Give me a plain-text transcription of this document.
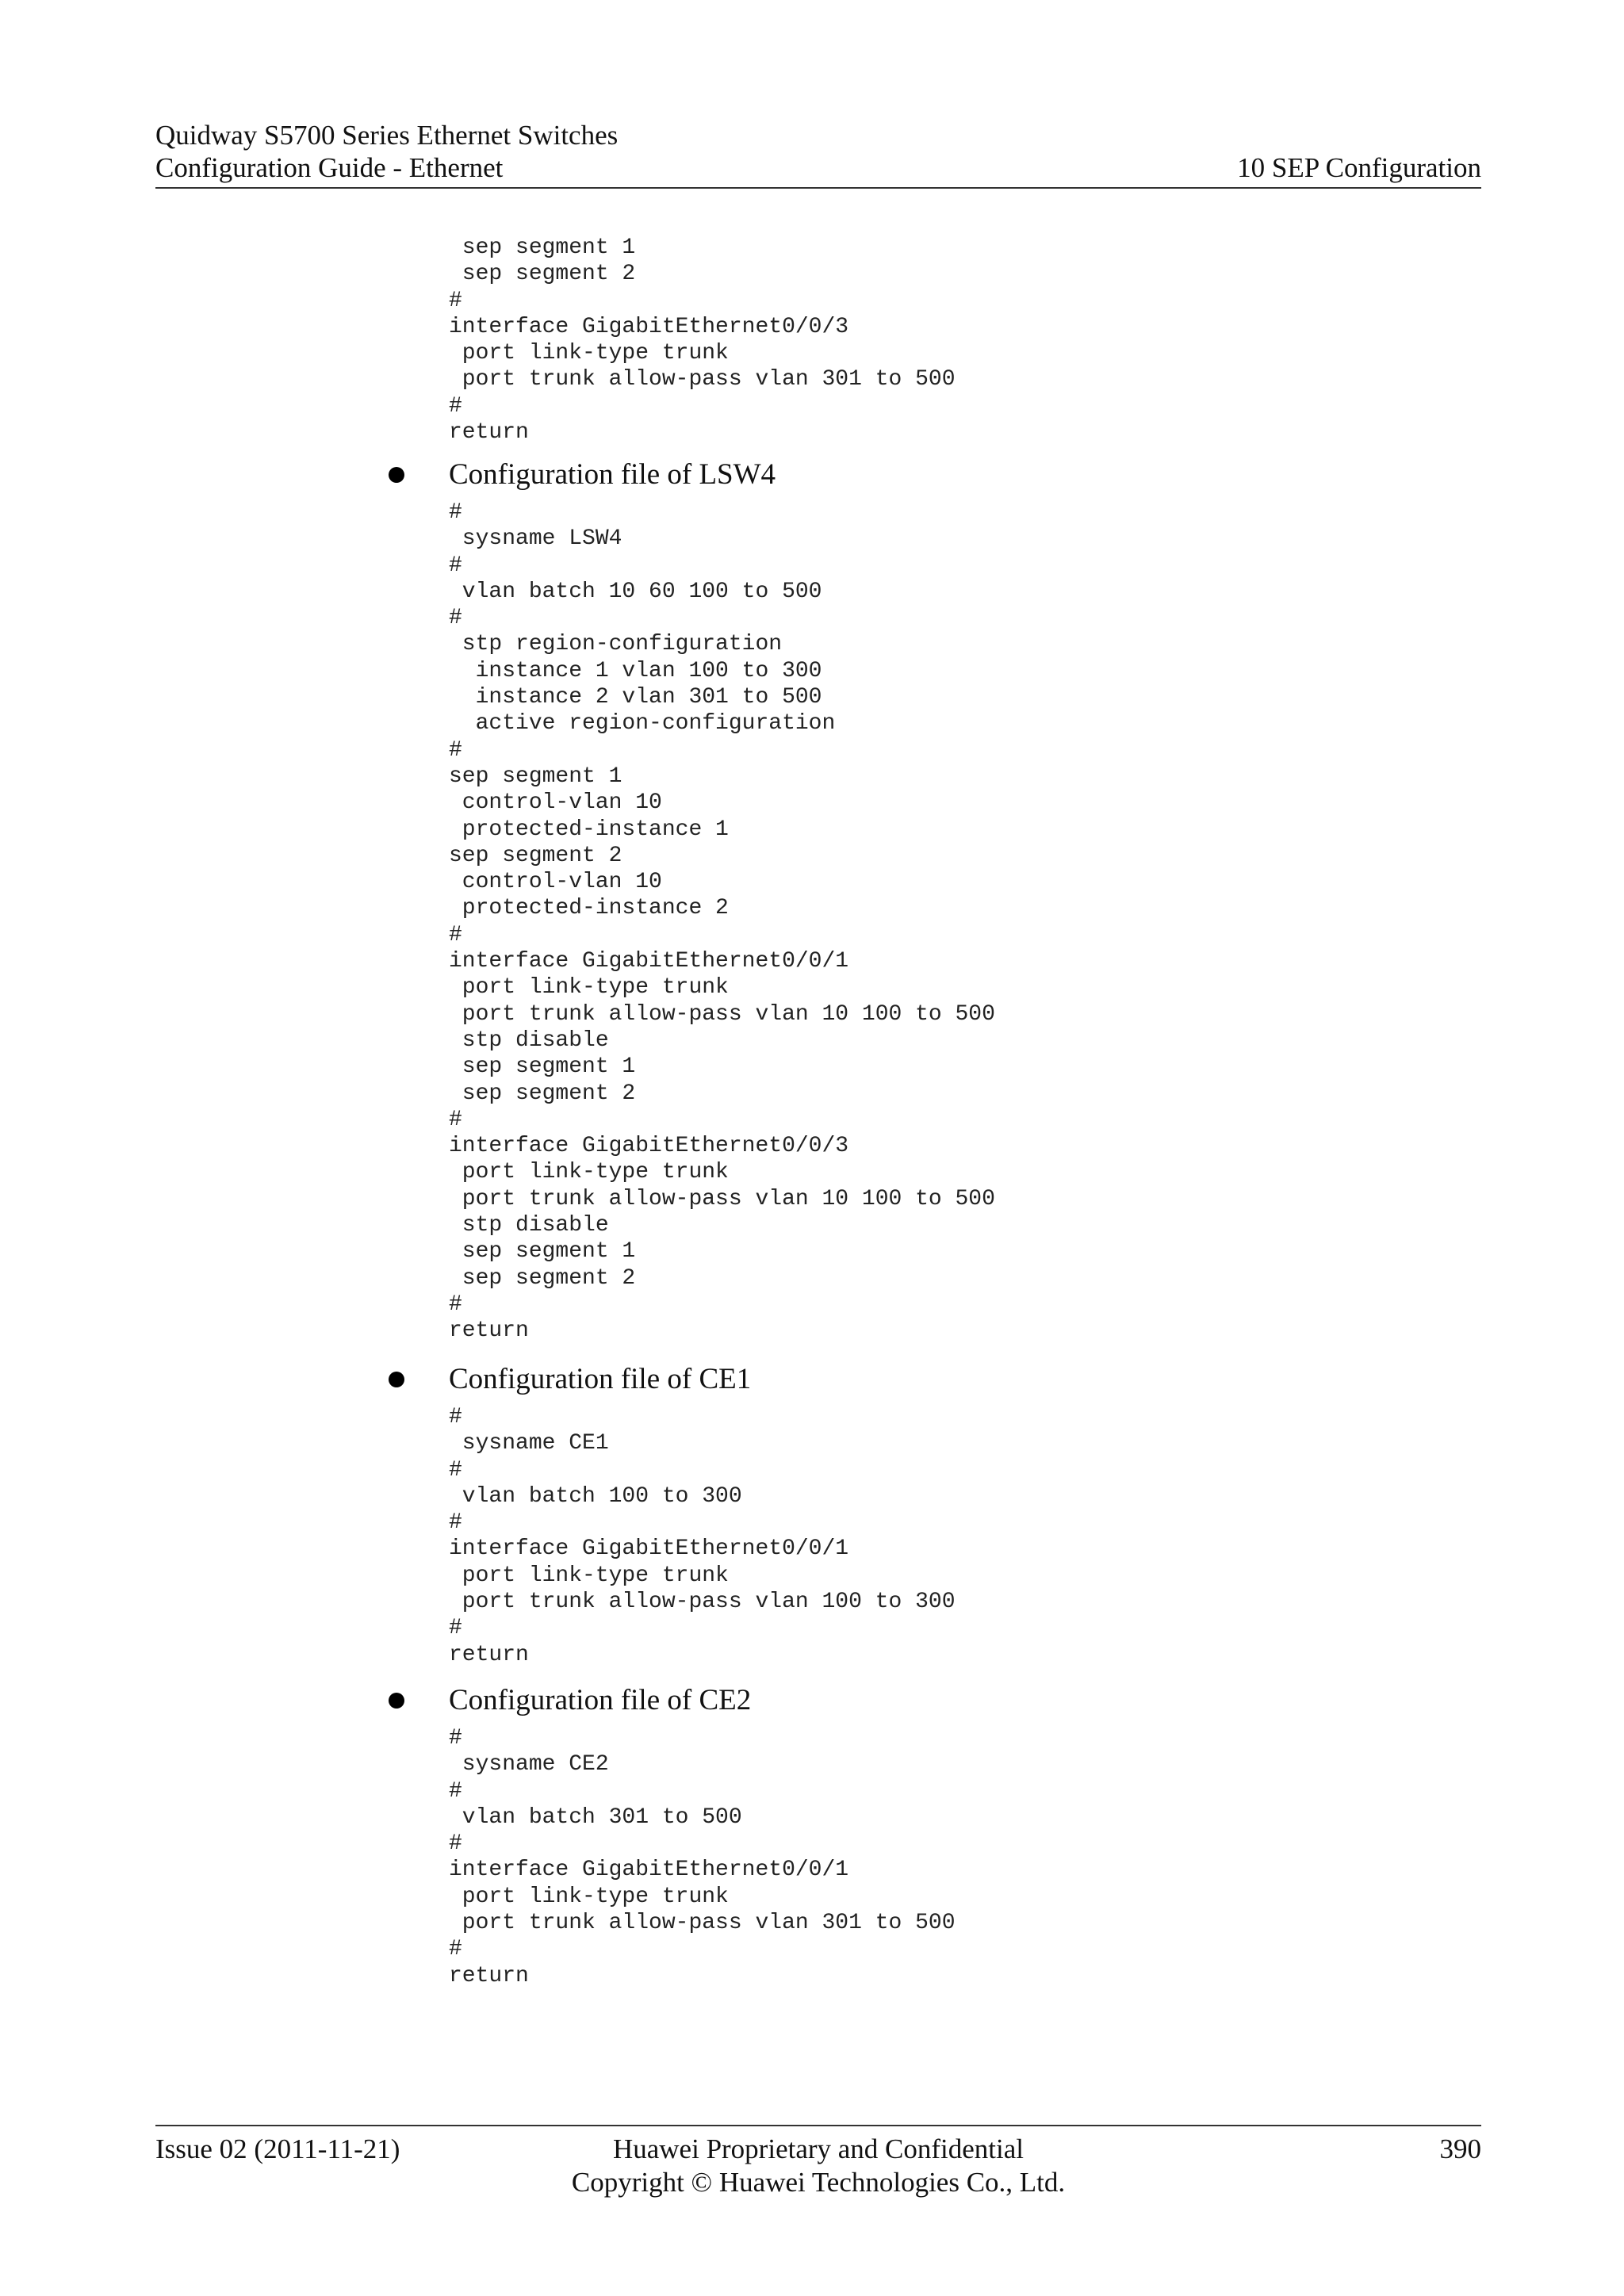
Quidway S5700 Series Ethernet Switches
Configuration Guide - Ethernet	10 SEP Configuration
sep segment 1
sep segment 2
#
interface GigabitEthernet0/0/3
port link-type trunk
port trunk allow-pass vlan 301 to 500
#
return
Configuration file of LSW4
#
sysname LSW4
#
vlan batch 10 60 100 to 500
#
stp region-configuration
instance 1 vlan 100 to 300
instance 2 vlan 301 to 500
active region-configuration
#
sep segment 1
control-vlan 10
protected-instance 1
sep segment 2
control-vlan 10
protected-instance 2
#
interface GigabitEthernet0/0/1
port link-type trunk
port trunk allow-pass vlan 10 100 to 500
stp disable
sep segment 1
sep segment 2
#
interface GigabitEthernet0/0/3
port link-type trunk
port trunk allow-pass vlan 10 100 to 500
stp disable
sep segment 1
sep segment 2
#
return
Configuration file of CE1
#
sysname CE1
#
vlan batch 100 to 300
#
interface GigabitEthernet0/0/1
port link-type trunk
port trunk allow-pass vlan 100 to 300
#
return
Configuration file of CE2
#
sysname CE2
#
vlan batch 301 to 500
#
interface GigabitEthernet0/0/1
port link-type trunk
port trunk allow-pass vlan 301 to 500
#
return
Issue 02 (2011-11-21)	Huawei Proprietary and Confidential
Copyright © Huawei Technologies Co., Ltd.
390
